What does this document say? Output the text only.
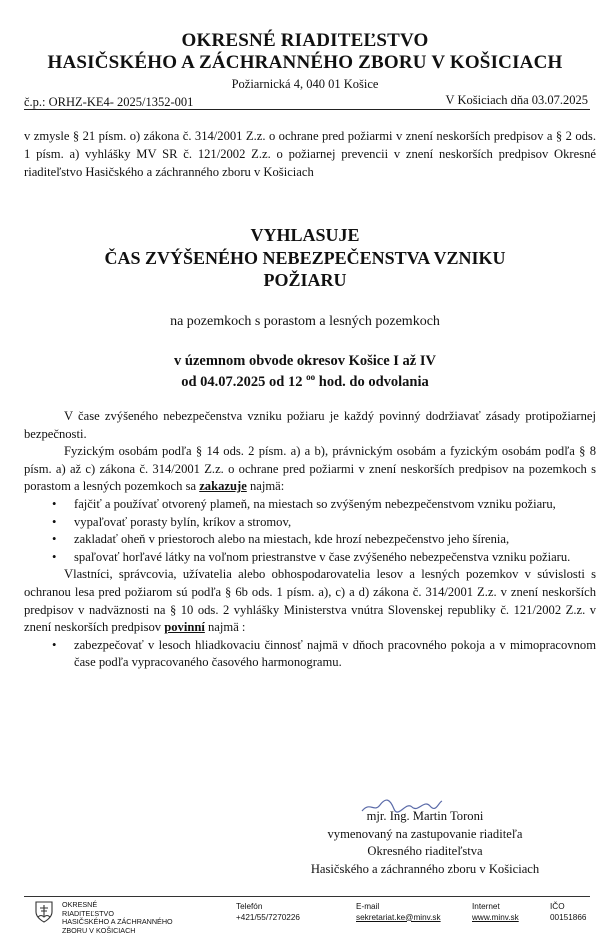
OKRESNÉ RIADITEĽSTVO
HASIČSKÉHO A ZÁCHRANNÉHO ZBORU V KOŠICIACH
Požiarnická 4, 040 01 Košice
č.p.: ORHZ-KE4- 2025/1352-001	V Košiciach dňa 03.07.2025
v zmysle § 21 písm. o) zákona č. 314/2001 Z.z. o ochrane pred požiarmi v znení neskorších predpisov a § 2 ods. 1 písm. a) vyhlášky MV SR č. 121/2002 Z.z. o požiarnej prevencii v znení neskorších predpisov Okresné riaditeľstvo Hasičského a záchranného zboru v Košiciach
VYHLASUJE
ČAS ZVÝŠENÉHO NEBEZPEČENSTVA VZNIKU
POŽIARU
na pozemkoch s porastom a lesných pozemkoch
v územnom obvode okresov Košice I až IV
od 04.07.2025 od 12 $^{oo}$ hod. do odvolania

V čase zvýšeného nebezpečenstva vzniku požiaru je každý povinný dodržiavať zásady protipožiarnej bezpečnosti.

Fyzickým osobám podľa § 14 ods. 2 písm. a) a b), právnickým osobám a fyzickým osobám podľa § 8 písm. a) až c) zákona č. 314/2001 Z.z. o ochrane pred požiarmi v znení neskorších predpisov na pozemkoch s porastom a lesných pozemkoch sa zakazuje najmä:

• fajčiť a používať otvorený plameň, na miestach so zvýšeným nebezpečenstvom vzniku požiaru,
• vypaľovať porasty bylín, kríkov a stromov,
• zakladať oheň v priestoroch alebo na miestach, kde hrozí nebezpečenstvo jeho šírenia,
• spaľovať horľavé látky na voľnom priestranstve v čase zvýšeného nebezpečenstva vzniku požiaru.

Vlastníci, správcovia, užívatelia alebo obhospodarovatelia lesov a lesných pozemkov v súvislosti s ochranou lesa pred požiarom sú podľa § 6b ods. 1 písm. a), c) a d) zákona č. 314/2001 Z.z. v znení neskorších predpisov v nadväznosti na § 10 ods. 2 vyhlášky Ministerstva vnútra Slovenskej republiky č. 121/2002 Z.z. v znení neskorších predpisov povinní najmä :

• zabezpečovať v lesoch hliadkovaciu činnosť najmä v dňoch pracovného pokoja a v mimopracovnom čase podľa vypracovaného časového harmonogramu.
mjr. Ing. Martin Toroni
vymenovaný na zastupovanie riaditeľa
Okresného riaditeľstva
Hasičského a záchranného zboru v Košiciach
OKRESNÉ
RIADITEĽSTVO
HASIČSKÉHO A ZÁCHRANNÉHO
ZBORU V KOŠICIACH
Telefón
+421/55/7270226
E-mail
sekretariat.ke@minv.sk
Internet
www.minv.sk
IČO
00151866
